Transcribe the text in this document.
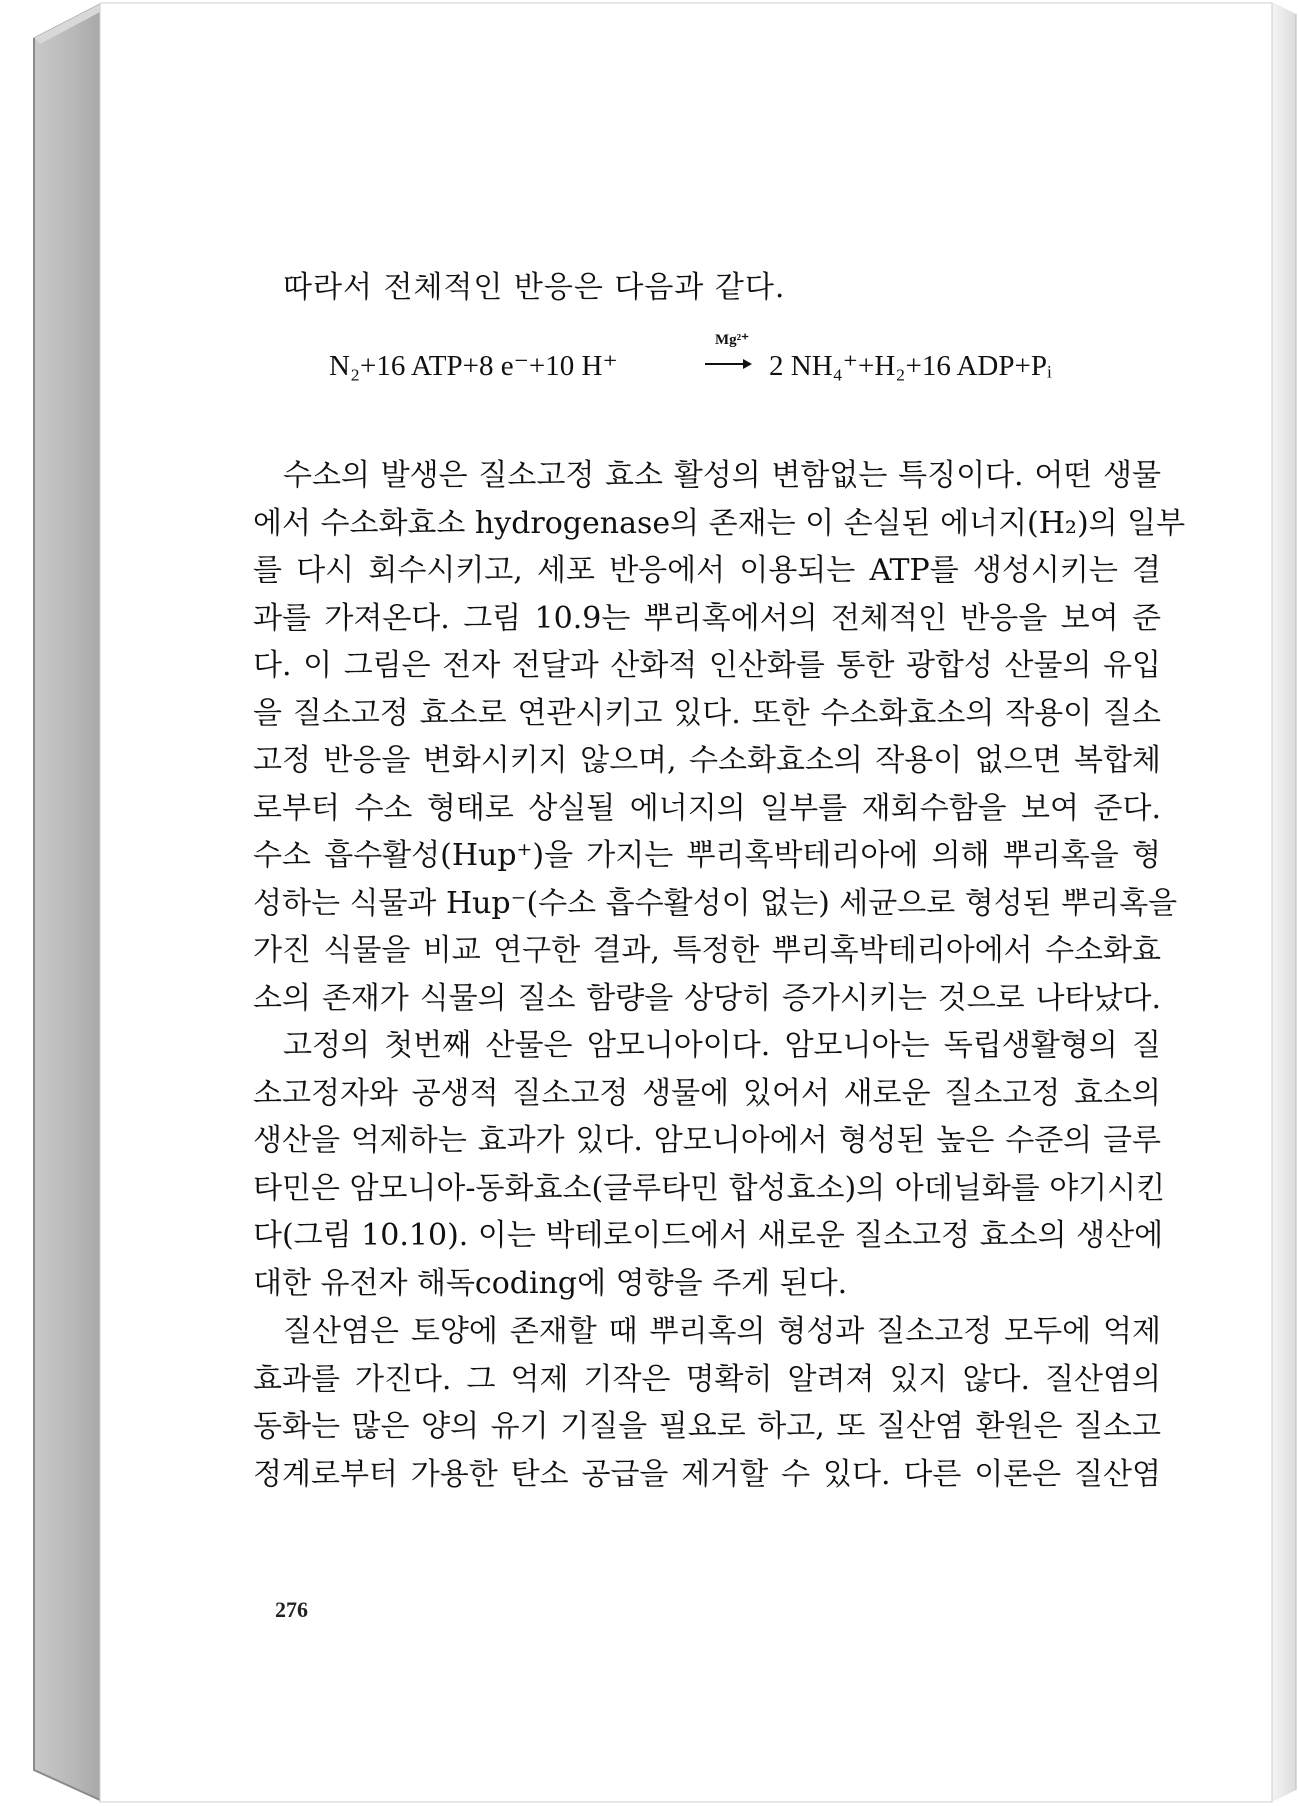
따라서 전체적인 반응은 다음과 같다.
N₂+16 ATP+8 e⁻+10 H⁺
Mg²⁺
→ 2 NH₄⁺+H₂+16 ADP+Pᵢ
수소의 발생은 질소고정 효소 활성의 변함없는 특징이다. 어떤 생물
에서 수소화효소 hydrogenase의 존재는 이 손실된 에너지(H₂)의 일부
를 다시 회수시키고, 세포 반응에서 이용되는 ATP를 생성시키는 결
과를 가져온다. 그림 10.9는 뿌리혹에서의 전체적인 반응을 보여 준
다. 이 그림은 전자 전달과 산화적 인산화를 통한 광합성 산물의 유입
을 질소고정 효소로 연관시키고 있다. 또한 수소화효소의 작용이 질소
고정 반응을 변화시키지 않으며, 수소화효소의 작용이 없으면 복합체
로부터 수소 형태로 상실될 에너지의 일부를 재회수함을 보여 준다.
수소 흡수활성(Hup⁺)을 가지는 뿌리혹박테리아에 의해 뿌리혹을 형
성하는 식물과 Hup⁻(수소 흡수활성이 없는) 세균으로 형성된 뿌리혹을
가진 식물을 비교 연구한 결과, 특정한 뿌리혹박테리아에서 수소화효
소의 존재가 식물의 질소 함량을 상당히 증가시키는 것으로 나타났다.
고정의 첫번째 산물은 암모니아이다. 암모니아는 독립생활형의 질
소고정자와 공생적 질소고정 생물에 있어서 새로운 질소고정 효소의
생산을 억제하는 효과가 있다. 암모니아에서 형성된 높은 수준의 글루
타민은 암모니아-동화효소(글루타민 합성효소)의 아데닐화를 야기시킨
다(그림 10.10). 이는 박테로이드에서 새로운 질소고정 효소의 생산에
대한 유전자 해독coding에 영향을 주게 된다.
질산염은 토양에 존재할 때 뿌리혹의 형성과 질소고정 모두에 억제
효과를 가진다. 그 억제 기작은 명확히 알려져 있지 않다. 질산염의
동화는 많은 양의 유기 기질을 필요로 하고, 또 질산염 환원은 질소고
정계로부터 가용한 탄소 공급을 제거할 수 있다. 다른 이론은 질산염
276
